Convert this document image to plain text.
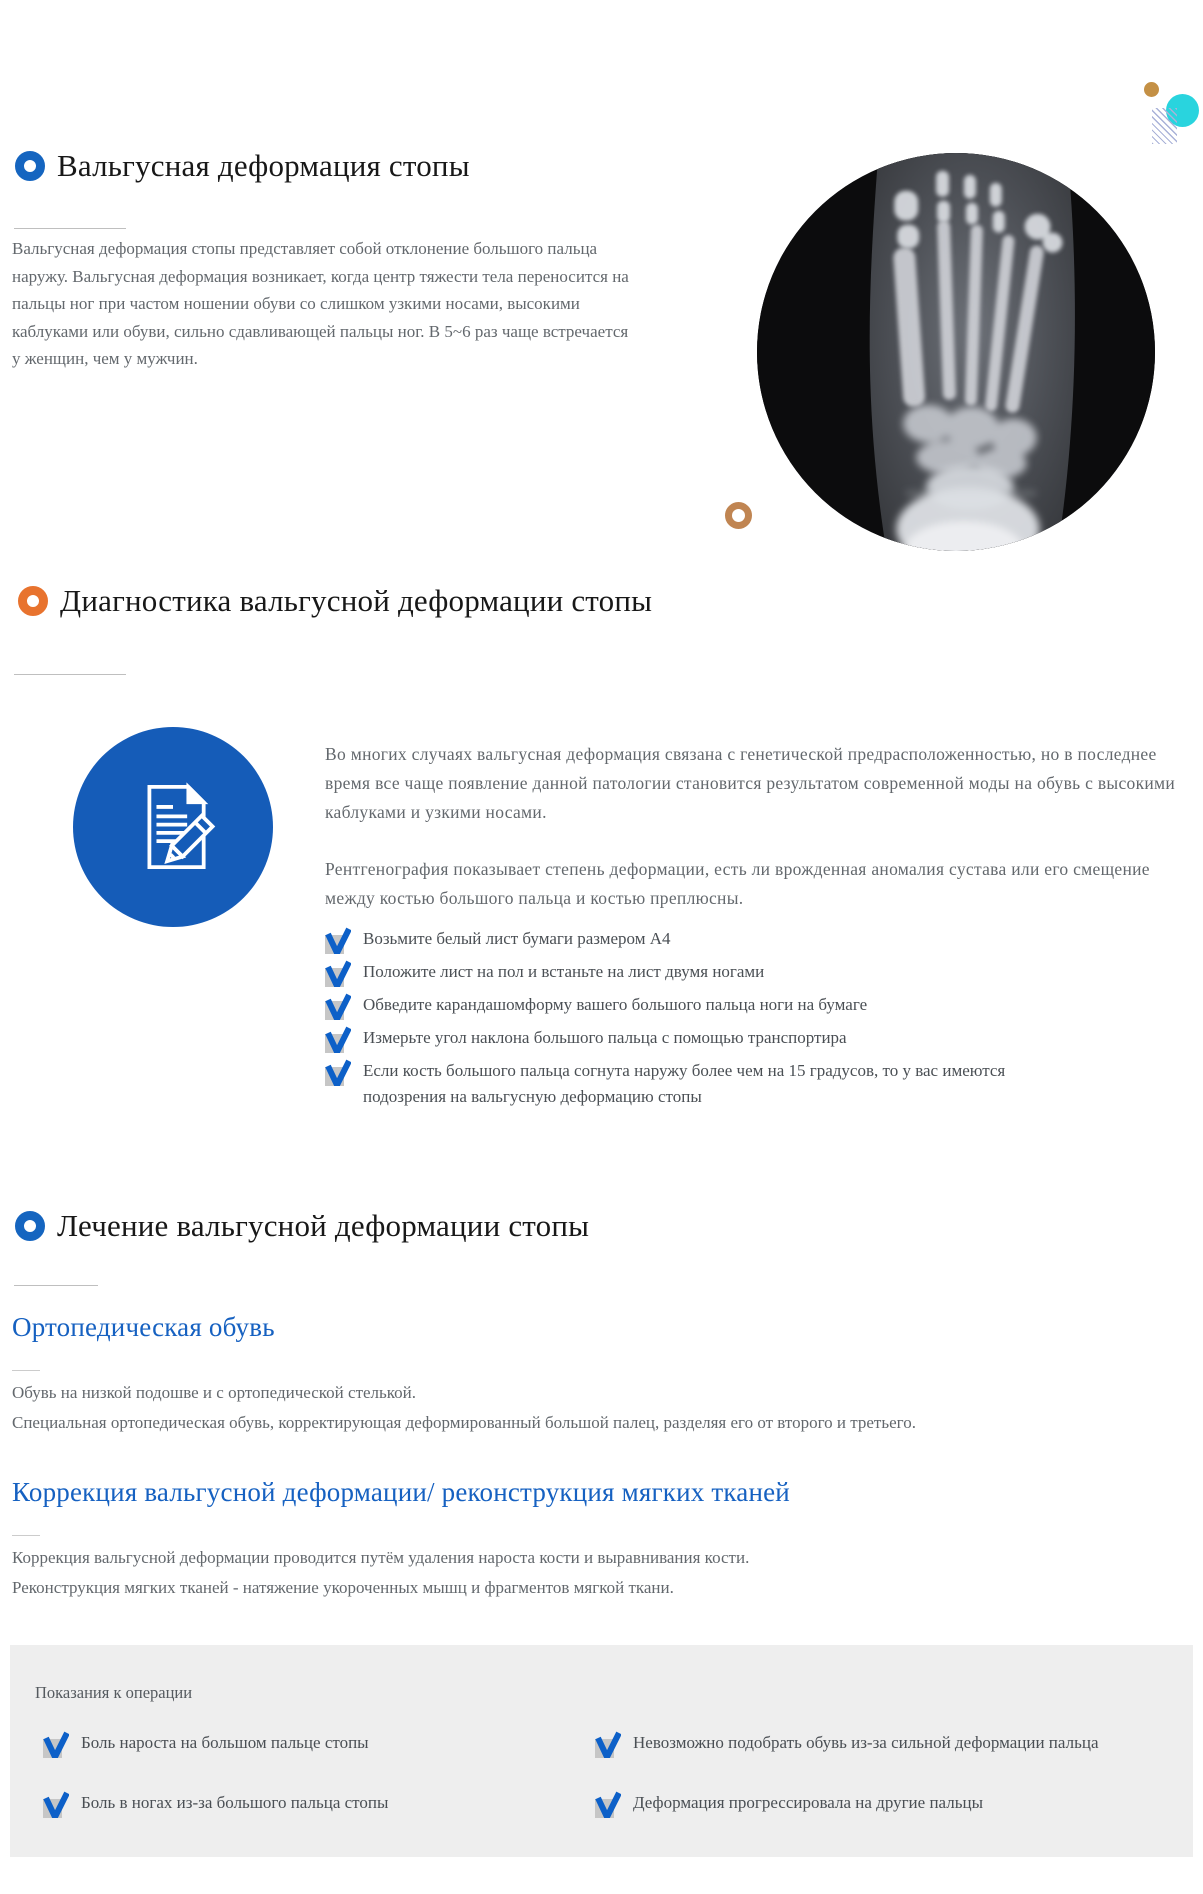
Вальгусная деформация стопы

Вальгусная деформация стопы представляет собой отклонение большого пальца наружу. Вальгусная деформация возникает, когда центр тяжести тела переносится на пальцы ног при частом ношении обуви со слишком узкими носами, высокими каблуками или обуви, сильно сдавливающей пальцы ног. В 5~6 раз чаще встречается у женщин, чем у мужчин.

Диагностика вальгусной деформации стопы

Во многих случаях вальгусная деформация связана с генетической предрасположенностью, но в последнее время все чаще появление данной патологии становится результатом современной моды на обувь с высокими каблуками и узкими носами.

Рентгенография показывает степень деформации, есть ли врожденная аномалия сустава или его смещение между костью большого пальца и костью преплюсны.

Возьмите белый лист бумаги размером А4
Положите лист на пол и встаньте на лист двумя ногами
Обведите карандашомформу вашего большого пальца ноги на бумаге
Измерьте угол наклона большого пальца с помощью транспортира
Если кость большого пальца согнута наружу более чем на 15 градусов, то у вас имеются подозрения на вальгусную деформацию стопы
Лечение вальгусной деформации стопы
Ортопедическая обувь
Обувь на низкой подошве и с ортопедической стелькой.
Специальная ортопедическая обувь, корректирующая деформированный большой палец, разделяя его от второго и третьего.
Коррекция вальгусной деформации/ реконструкция мягких тканей
Коррекция вальгусной деформации проводится путём удаления нароста кости и выравнивания кости.
Реконструкция мягких тканей - натяжение укороченных мышц и фрагментов мягкой ткани.
Показания к операции
Боль нароста на большом пальце стопы
Боль в ногах из-за большого пальца стопы
Невозможно подобрать обувь из-за сильной деформации пальца
Деформация прогрессировала на другие пальцы
